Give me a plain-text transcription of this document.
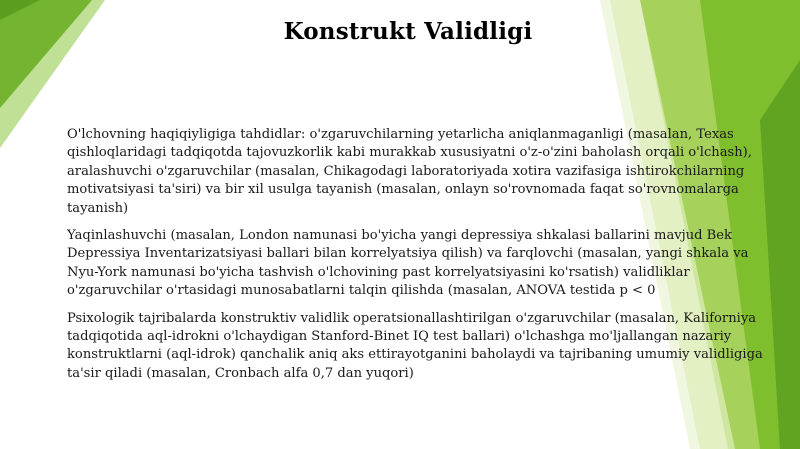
Konstrukt Validligi

O'lchovning haqiqiyligiga tahdidlar: o'zgaruvchilarning yetarlicha aniqlanmaganligi (masalan, Texas qishloqlaridagi tadqiqotda tajovuzkorlik kabi murakkab xususiyatni o'z-o'zini baholash orqali o'lchash), aralashuvchi o'zgaruvchilar (masalan, Chikagodagi laboratoriyada xotira vazifasiga ishtirokchilarning motivatsiyasi ta'siri) va bir xil usulga tayanish (masalan, onlayn so'rovnomada faqat so'rovnomalarga tayanish)

Yaqinlashuvchi (masalan, London namunasi bo'yicha yangi depressiya shkalasi ballarini mavjud Bek Depressiya Inventarizatsiyasi ballari bilan korrelyatsiya qilish) va farqlovchi (masalan, yangi shkala va Nyu-York namunasi bo'yicha tashvish o'lchovining past korrelyatsiyasini ko'rsatish) validliklar o'zgaruvchilar o'rtasidagi munosabatlarni talqin qilishda (masalan, ANOVA testida p < 0

Psixologik tajribalarda konstruktiv validlik operatsionallashtirilgan o'zgaruvchilar (masalan, Kaliforniya tadqiqotida aql-idrokni o'lchaydigan Stanford-Binet IQ test ballari) o'lchashga mo'ljallangan nazariy konstruktlarni (aql-idrok) qanchalik aniq aks ettirayotganini baholaydi va tajribaning umumiy validligiga ta'sir qiladi (masalan, Cronbach alfa 0,7 dan yuqori)
